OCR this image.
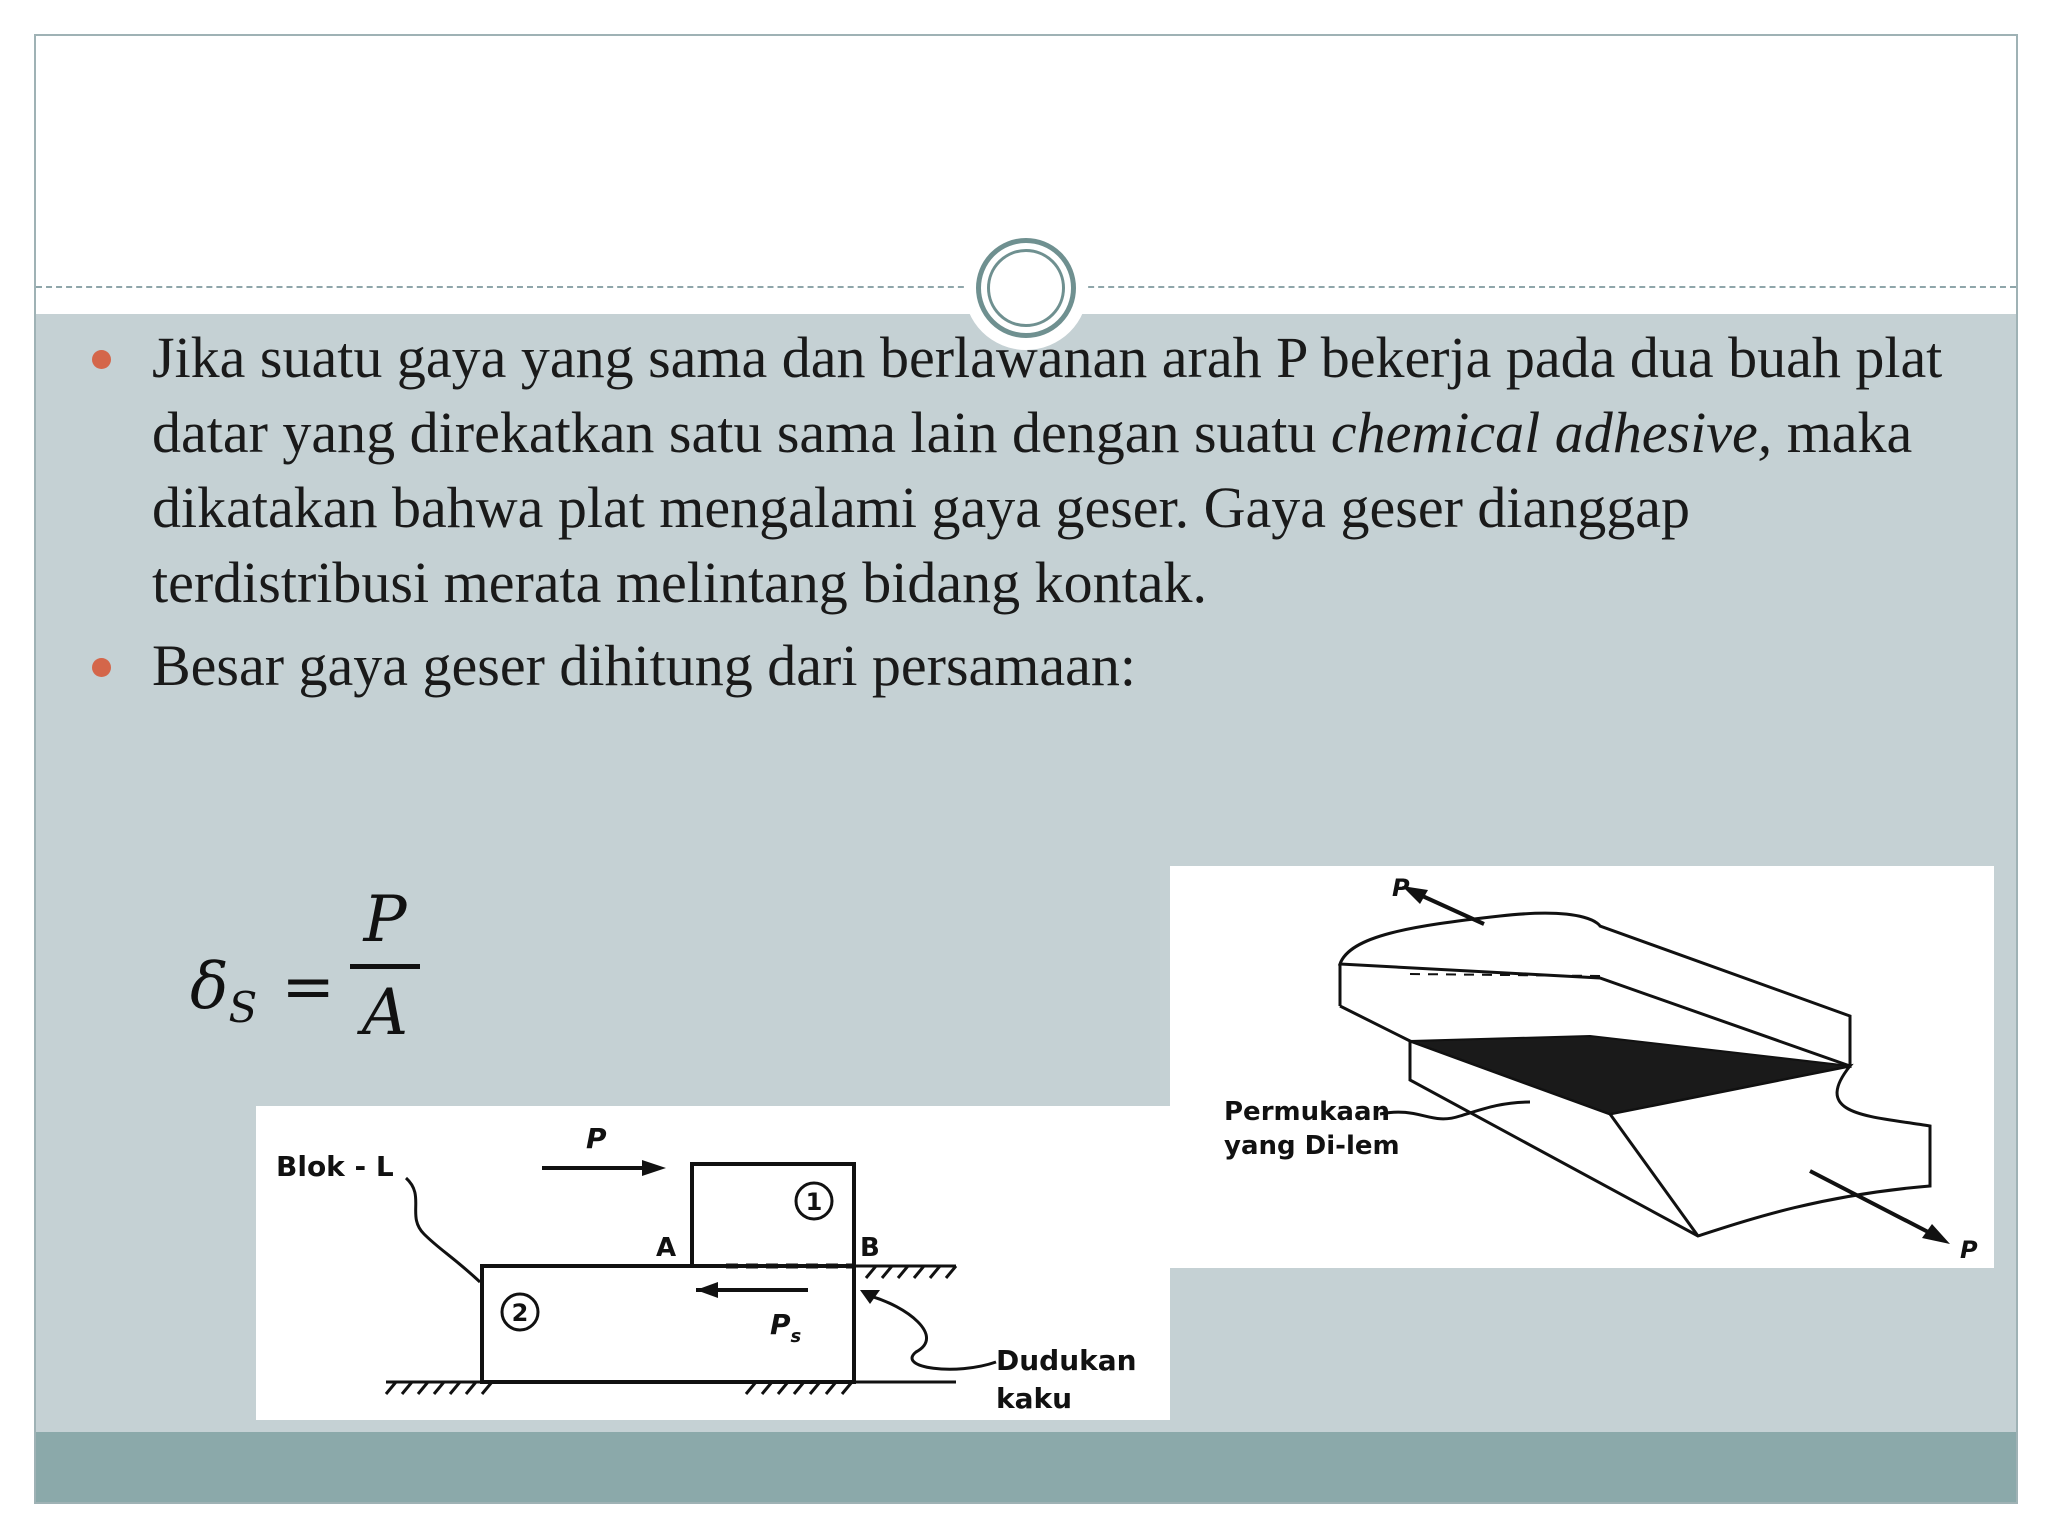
Jika suatu gaya yang sama dan berlawanan arah P bekerja pada dua buah plat datar yang direkatkan satu sama lain dengan suatu chemical adhesive, maka dikatakan bahwa plat mengalami gaya geser. Gaya geser dianggap terdistribusi merata melintang bidang kontak.
Besar gaya geser dihitung dari persamaan:
$\delta_S$ =
P
A
1
2
P
$P_s$
A	B
Blok - L
Dudukan
kaku
P
P
Permukaan
yang Di-lem
